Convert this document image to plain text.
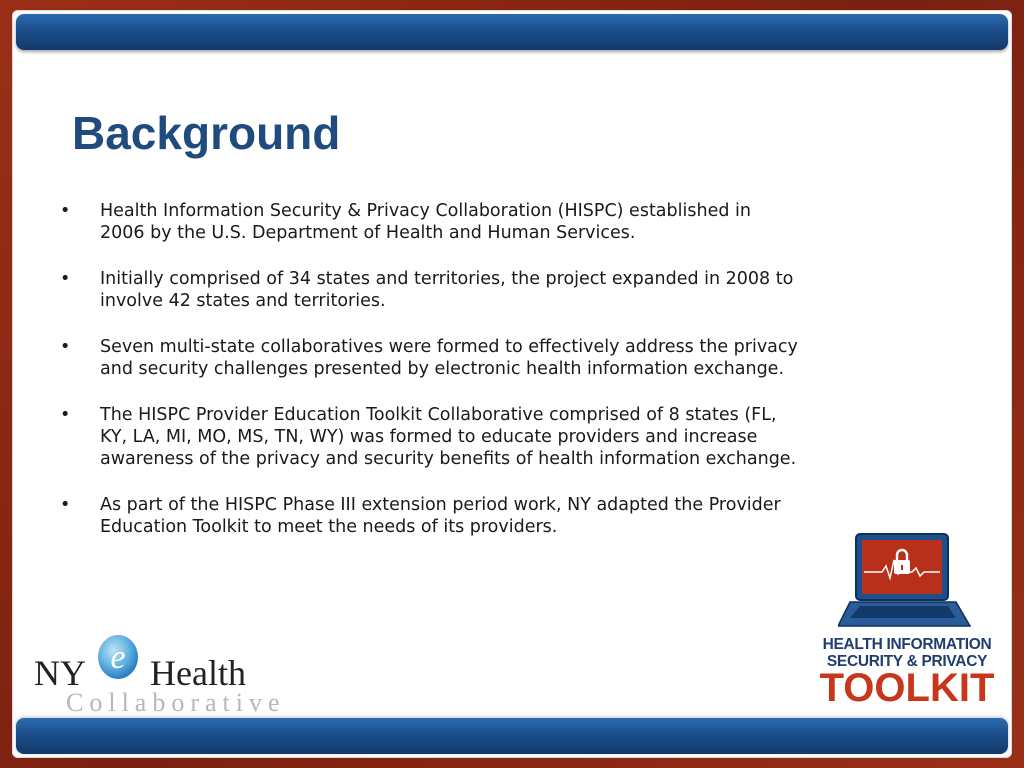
Background
• Health Information Security & Privacy Collaboration (HISPC) established in 2006 by the U.S. Department of Health and Human Services.
• Initially comprised of 34 states and territories, the project expanded in 2008 to involve 42 states and territories.
• Seven multi-state collaboratives were formed to effectively address the privacy and security challenges presented by electronic health information exchange.
• The HISPC Provider Education Toolkit Collaborative comprised of 8 states (FL, KY, LA, MI, MO, MS, TN, WY) was formed to educate providers and increase awareness of the privacy and security benefits of health information exchange.
• As part of the HISPC Phase III extension period work, NY adapted the Provider Education Toolkit to meet the needs of its providers.
e
NY Health
Collaborative
HEALTH INFORMATION
SECURITY & PRIVACY
TOOLKIT
